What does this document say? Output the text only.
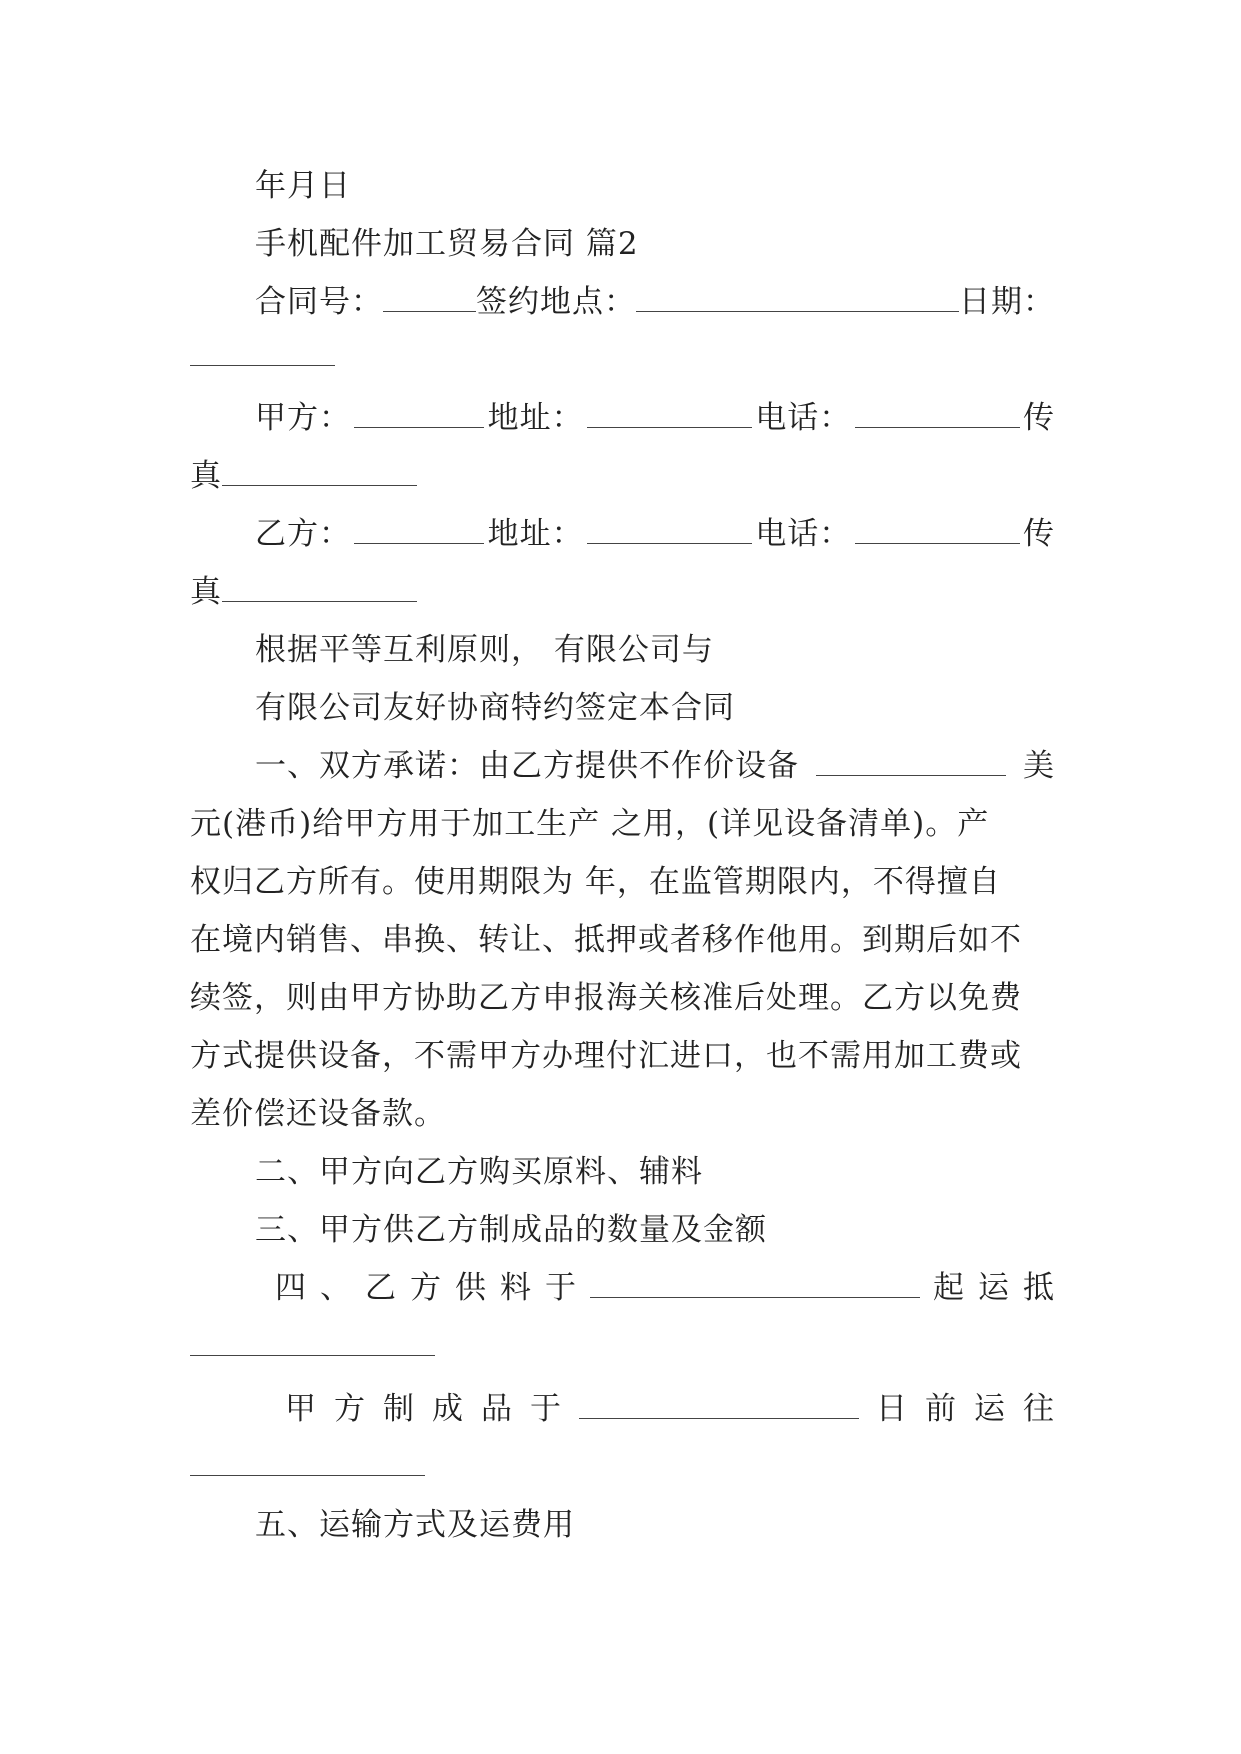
年月日
手机配件加工贸易合同 篇2
合同号：	签约地点：	日期：
甲方：	地址：	电话：	传
真
乙方：	地址：	电话：	传
真
根据平等互利原则， 有限公司与
有限公司友好协商特约签定本合同
一、双方承诺：由乙方提供不作价设备	美
元(港币)给甲方用于加工生产 之用，(详见设备清单)。产
权归乙方所有。使用期限为 年，在监管期限内，不得擅自
在境内销售、串换、转让、抵押或者移作他用。到期后如不
续签，则由甲方协助乙方申报海关核准后处理。乙方以免费
方式提供设备，不需甲方办理付汇进口，也不需用加工费或
差价偿还设备款。
二、甲方向乙方购买原料、辅料
三、甲方供乙方制成品的数量及金额
四 、 乙 方 供 料 于	起 运 抵
甲 方 制 成 品 于	日 前 运 往
五、运输方式及运费用
